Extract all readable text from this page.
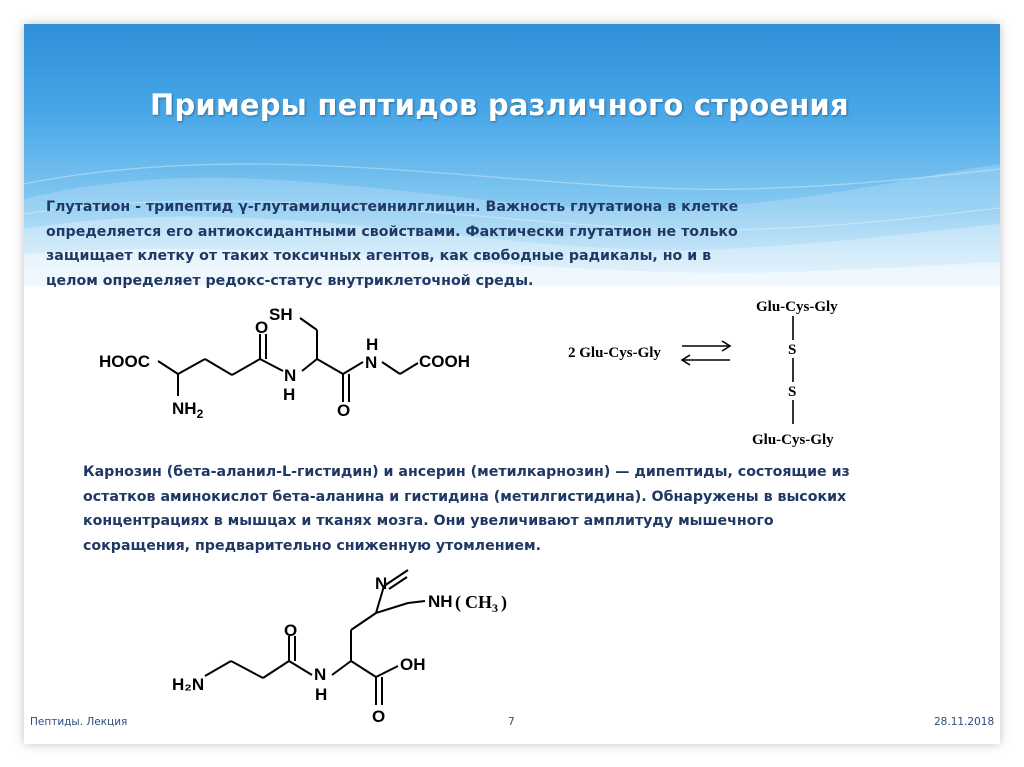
Примеры пептидов различного строения
Глутатион - трипептид γ-глутамилцистеинилглицин. Важность глутатиона в клетке определяется его антиоксидантными свойствами. Фактически глутатион не только защищает клетку от таких токсичных агентов, как свободные радикалы, но и в целом определяет редокс-статус внутриклеточной среды.
HOOC
$NH_2$
SH
O
N
H
O
N
H
COOH	2 Glu-Cys-Gly
Glu-Cys-Gly
S
S
Glu-Cys-Gly
Карнозин (бета-аланил-L-гистидин) и ансерин (метилкарнозин) — дипептиды, состоящие из остатков аминокислот бета-аланина и гистидина (метилгистидина). Обнаружены в высоких концентрациях в мышцах и тканях мозга. Они увеличивают амплитуду мышечного сокращения, предварительно сниженную утомлением.
H₂N
O
N
H
OH
O
N
NH ( $CH_3$ )
Пептиды. Лекция	7	28.11.2018
